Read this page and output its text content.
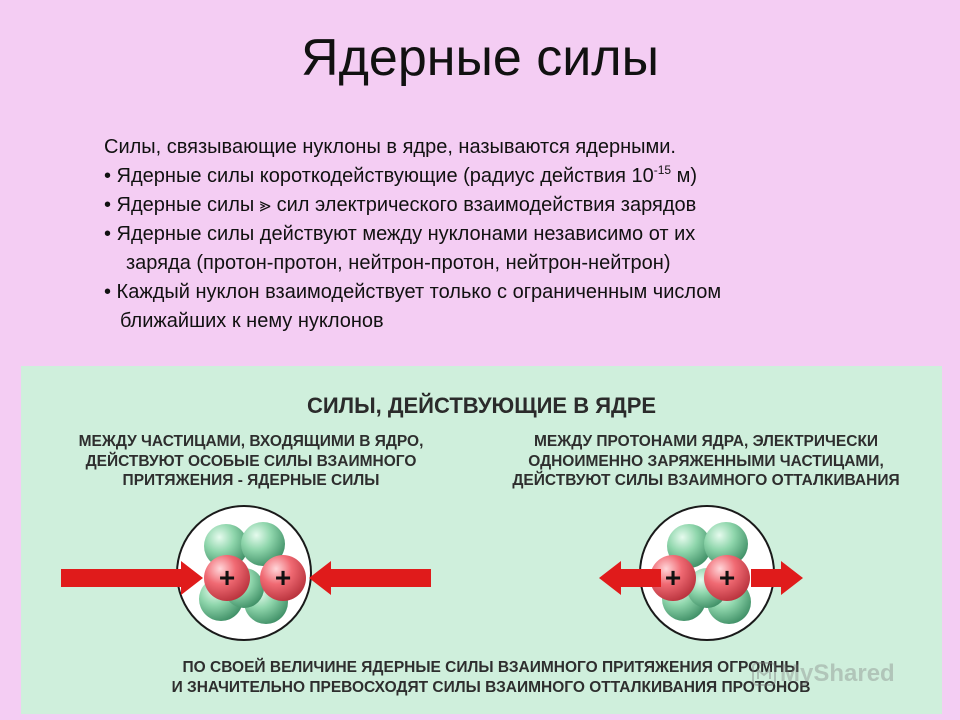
Ядерные силы
Силы, связывающие нуклоны в ядре, называются ядерными.
• Ядерные силы короткодействующие (радиус действия $10^{-15}$ м)
• Ядерные силы ⪢ сил электрического взаимодействия зарядов
• Ядерные силы действуют между нуклонами независимо от их
заряда (протон-протон, нейтрон-протон, нейтрон-нейтрон)
• Каждый нуклон взаимодействует только с ограниченным числом
ближайших к нему нуклонов
СИЛЫ, ДЕЙСТВУЮЩИЕ В ЯДРЕ
МЕЖДУ ЧАСТИЦАМИ, ВХОДЯЩИМИ В ЯДРО,
ДЕЙСТВУЮТ ОСОБЫЕ СИЛЫ ВЗАИМНОГО
ПРИТЯЖЕНИЯ - ЯДЕРНЫЕ СИЛЫ
МЕЖДУ ПРОТОНАМИ ЯДРА, ЭЛЕКТРИЧЕСКИ
ОДНОИМЕННО ЗАРЯЖЕННЫМИ ЧАСТИЦАМИ,
ДЕЙСТВУЮТ СИЛЫ ВЗАИМНОГО ОТТАЛКИВАНИЯ
+ +	+ +
ПО СВОЕЙ ВЕЛИЧИНЕ ЯДЕРНЫЕ СИЛЫ ВЗАИМНОГО ПРИТЯЖЕНИЯ ОГРОМНЫ
И ЗНАЧИТЕЛЬНО ПРЕВОСХОДЯТ СИЛЫ ВЗАИМНОГО ОТТАЛКИВАНИЯ ПРОТОНОВ
MyShared
